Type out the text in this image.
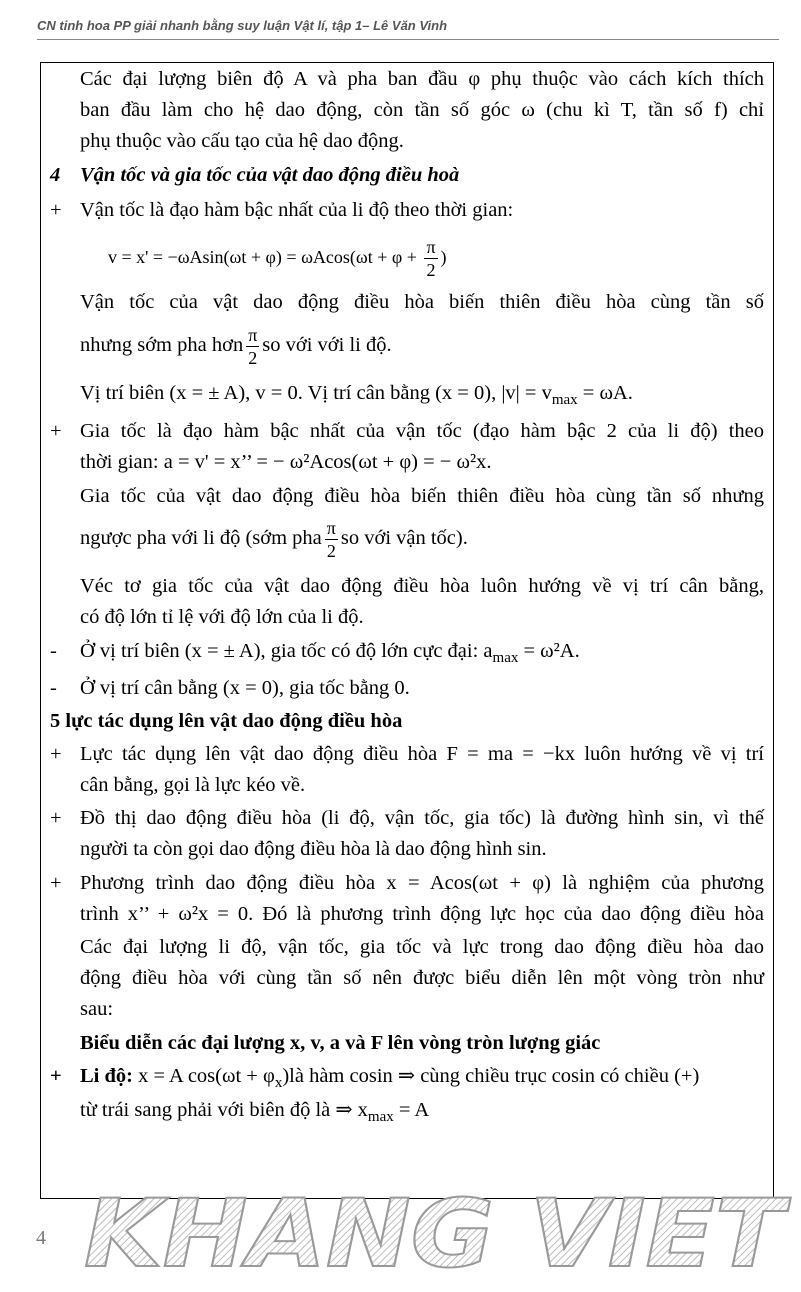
CN tinh hoa PP giải nhanh bằng suy luận Vật lí, tập 1– Lê Văn Vinh
Các đại lượng biên độ A và pha ban đầu φ phụ thuộc vào cách kích thích
ban đầu làm cho hệ dao động, còn tần số góc ω (chu kì T, tần số f) chỉ
phụ thuộc vào cấu tạo của hệ dao động.
4 Vận tốc và gia tốc của vật dao động điều hoà
+ Vận tốc là đạo hàm bậc nhất của li độ theo thời gian:
$v = x' = -\omega Asin(\omega t + \varphi) = \omega Acos(\omega t + \varphi + \frac{\pi}{2}$ )
Vận tốc của vật dao động điều hòa biến thiên điều hòa cùng tần số
nhưng sớm pha hơn $\frac{\pi}{2}$ so với với li độ.
Vị trí biên (x = ± A), v = 0. Vị trí cân bằng (x = 0), $|v| = v_{max} = \omega A$.
+ Gia tốc là đạo hàm bậc nhất của vận tốc (đạo hàm bậc 2 của li độ) theo
thời gian: a = v' = x’’ = − ω²Acos(ωt + φ) = − ω²x.
Gia tốc của vật dao động điều hòa biến thiên điều hòa cùng tần số nhưng
ngược pha với li độ (sớm pha $\frac{\pi}{2}$ so với vận tốc).
Véc tơ gia tốc của vật dao động điều hòa luôn hướng về vị trí cân bằng,
có độ lớn tỉ lệ với độ lớn của li độ.
- Ở vị trí biên (x = ± A), gia tốc có độ lớn cực đại: $a_{max} = \omega^2A$.
- Ở vị trí cân bằng (x = 0), gia tốc bằng 0.
5 lực tác dụng lên vật dao động điều hòa
+ Lực tác dụng lên vật dao động điều hòa F = ma = −kx luôn hướng về vị trí
cân bằng, gọi là lực kéo về.
+ Đồ thị dao động điều hòa (li độ, vận tốc, gia tốc) là đường hình sin, vì thế
người ta còn gọi dao động điều hòa là dao động hình sin.
+ Phương trình dao động điều hòa x = Acos(ωt + φ) là nghiệm của phương
trình x’’ + ω²x = 0. Đó là phương trình động lực học của dao động điều hòa
Các đại lượng li độ, vận tốc, gia tốc và lực trong dao động điều hòa dao
động điều hòa với cùng tần số nên được biểu diễn lên một vòng tròn như
sau:
Biểu diễn các đại lượng x, v, a và F lên vòng tròn lượng giác
+ Li độ: x = A $\cos(\omega t + \varphi_x)là$ hàm cosin ⇒ cùng chiều trục cosin có chiều (+)
từ trái sang phải với biên độ là ⇒ $x_{max} = A$
4 KHANG VIET
